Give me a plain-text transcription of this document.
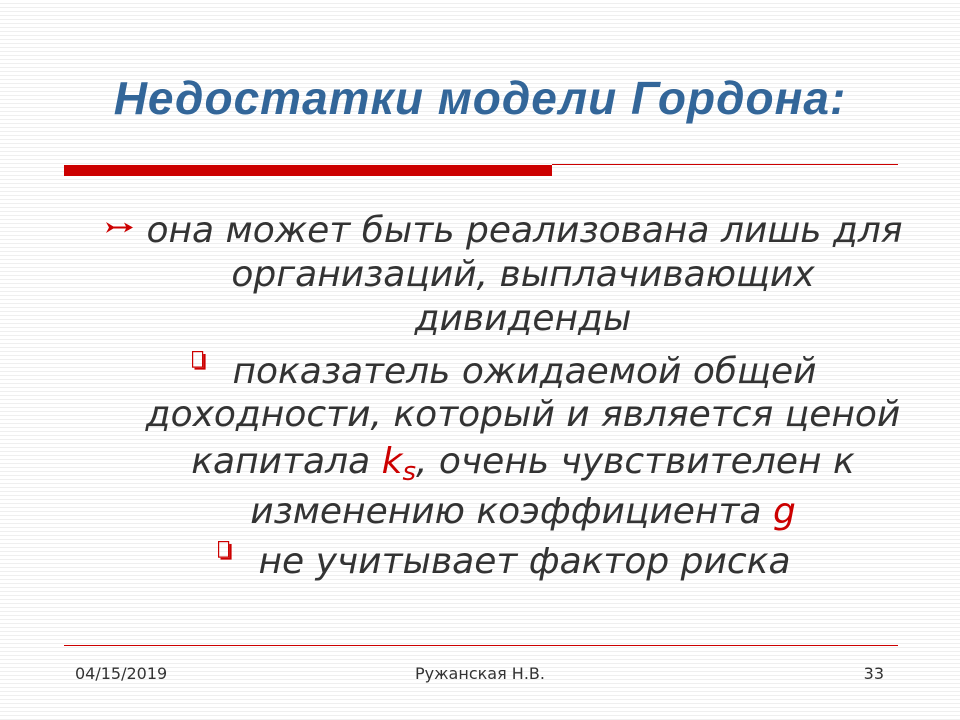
Недостатки модели Гордона:
она может быть реализована лишь для
организаций, выплачивающих
дивиденды
показатель ожидаемой общей
доходности, который и является ценой
капитала ks, очень чувствителен к
изменению коэффициента g
не учитывает фактор риска
04/15/2019	Ружанская Н.В.	33
